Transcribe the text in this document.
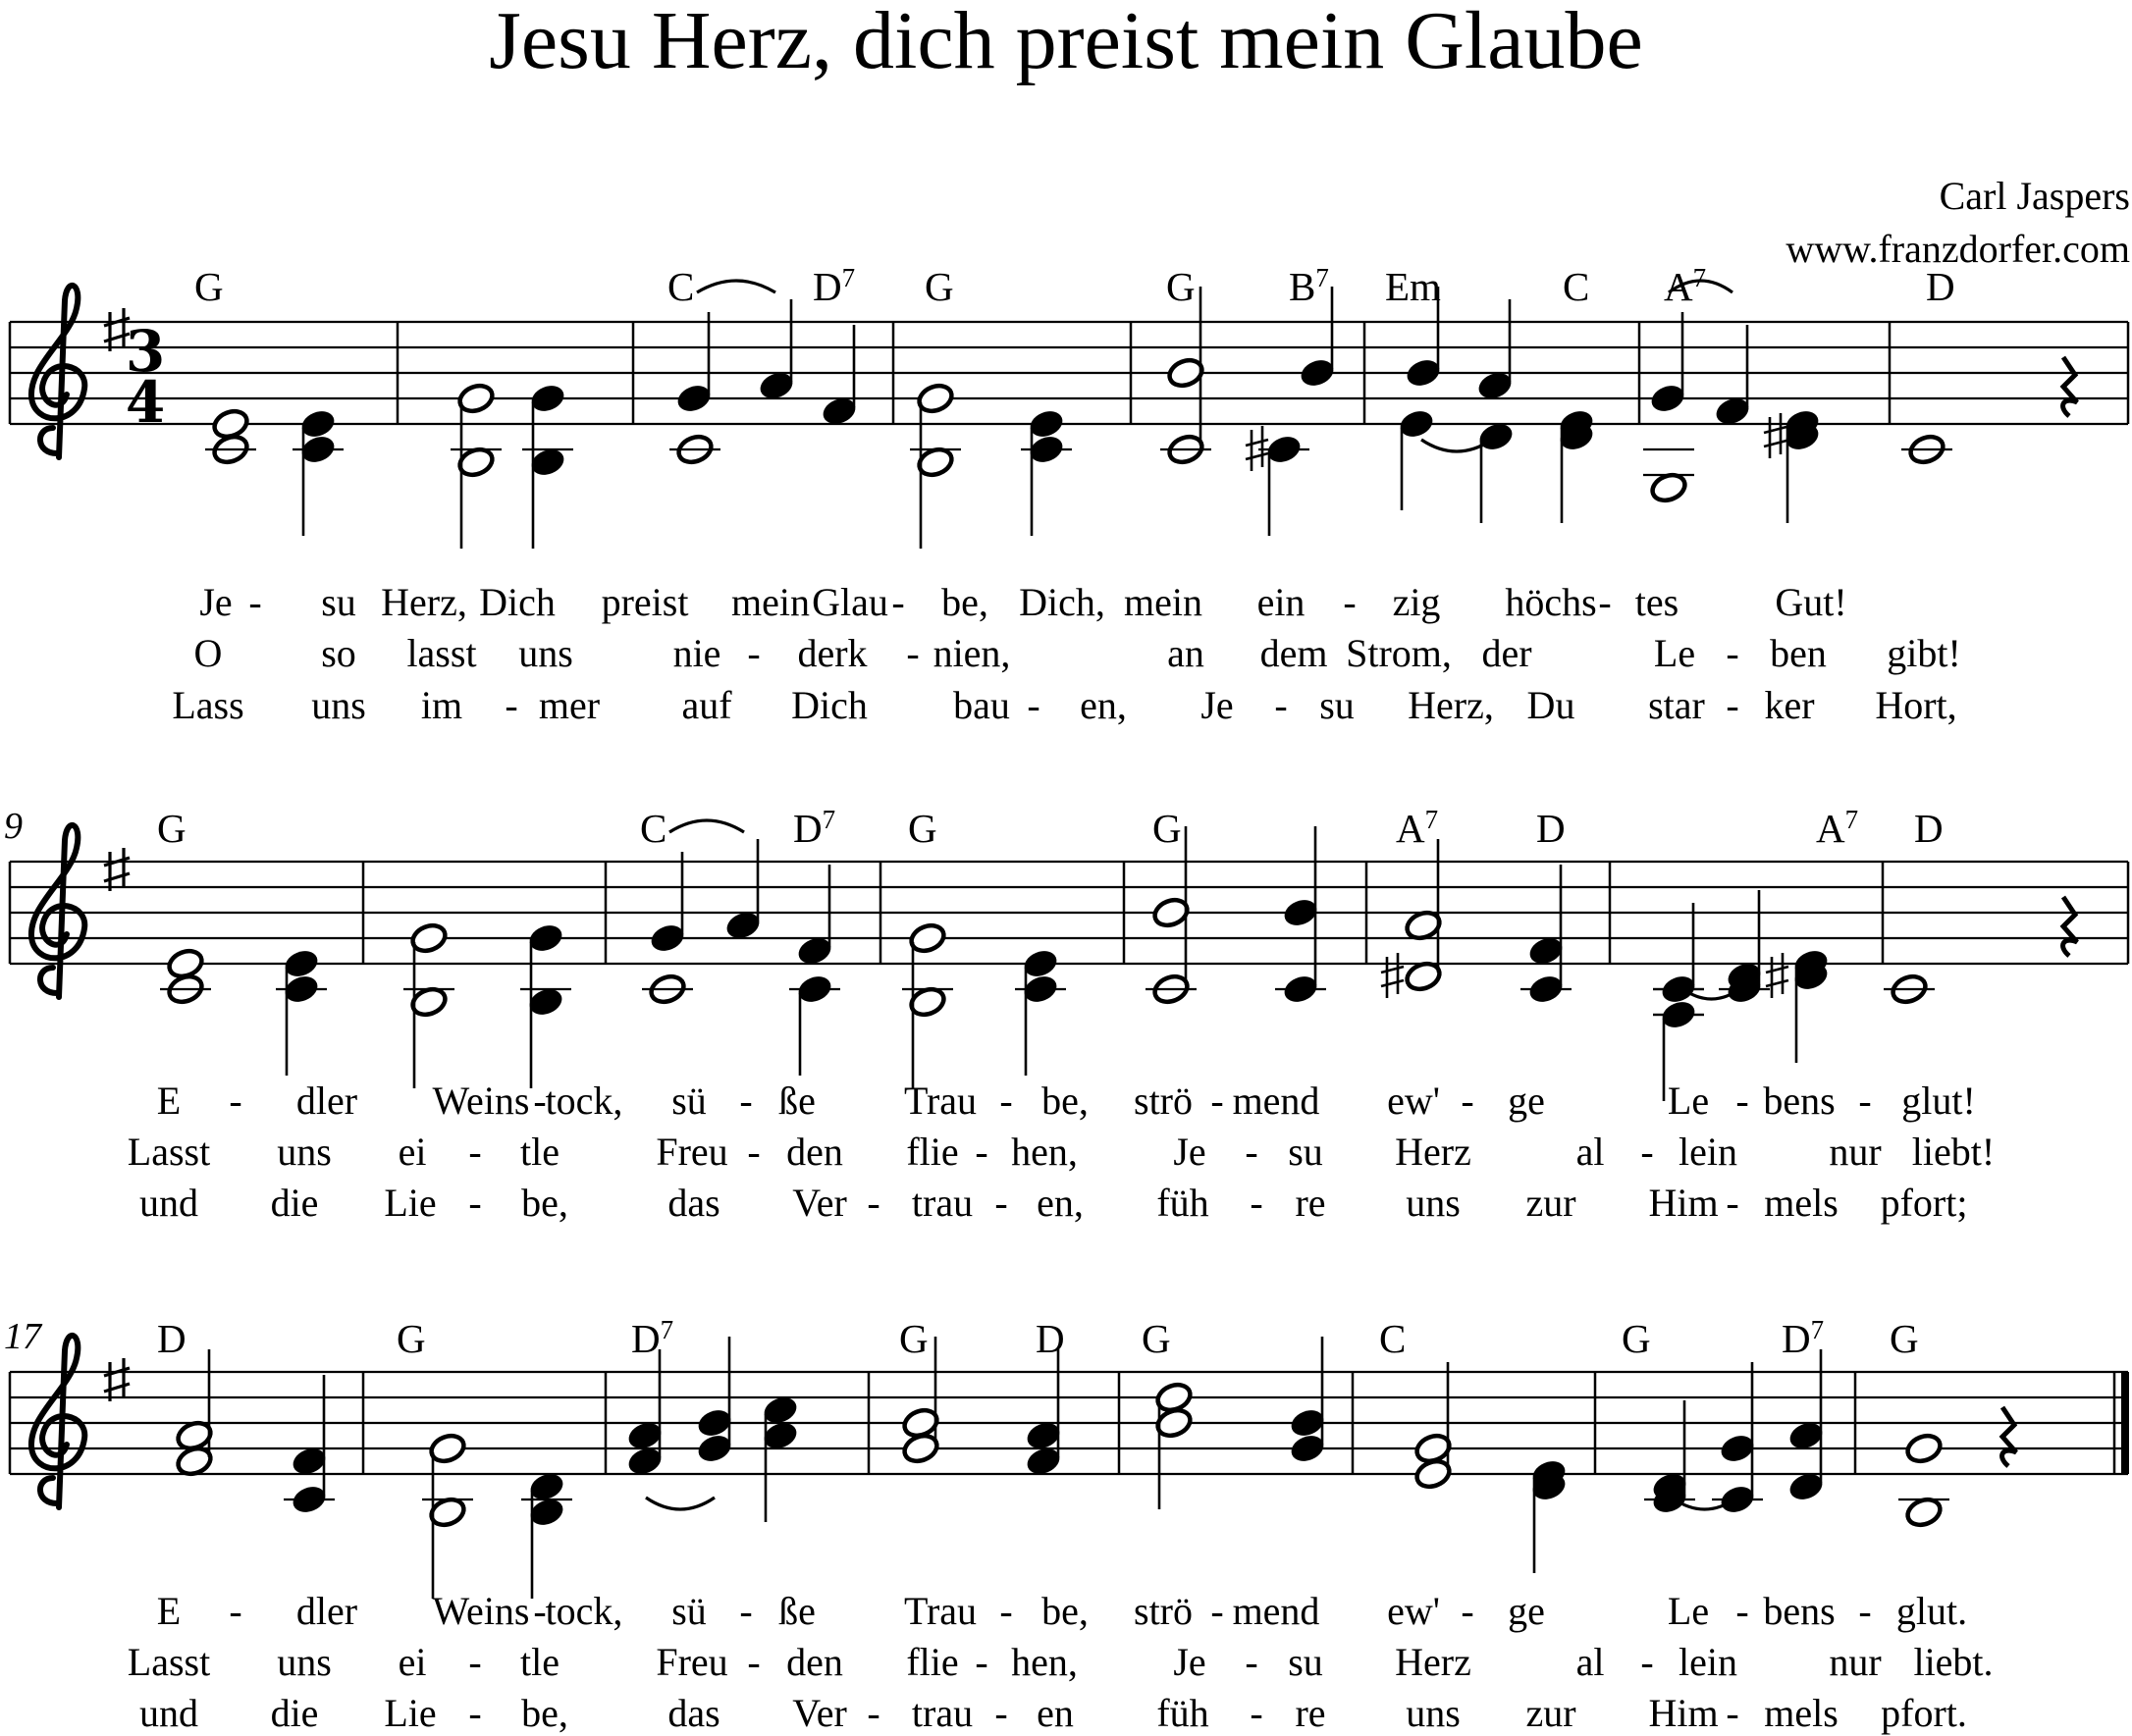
Jesu Herz, dich preist mein Glaube
Carl Jaspers
www.franzdorfer.com
3
4
G	C	$D^7$ G	G $B^7$ Em	C $A^7$	D
Je - su Herz, Dich preist mein Glau - be, Dich, mein ein - zig höchs - tes Gut!
O	so lasst uns	nie - derk - nien,	an dem Strom, der	Le - ben gibt!
Lass uns im - mer auf Dich bau - en, Je - su Herz, Du star - ker Hort,
9	G	C	$D^7$ G	G	$A^7$ D	$A^7$ D
E - dler Weins -
tock, sü - ße Trau - be, strö - mend ew' - ge	Le - bens - glut!
Lasst uns ei - tle Freu - den flie - hen, Je - su Herz	al - lein nur liebt!
und die Lie - be,	das Ver - trau - en, füh - re uns zur Him - mels pfort;
17	D	G	$D^7$	G	D G	C	G	$D^7$ G
E - dler Weins -
tock, sü - ße Trau - be, strö - mend ew' - ge	Le - bens - glut.
Lasst uns ei - tle Freu - den flie - hen, Je - su Herz	al - lein nur liebt.
und die Lie - be,	das Ver - trau - en füh - re uns zur Him - mels pfort.
